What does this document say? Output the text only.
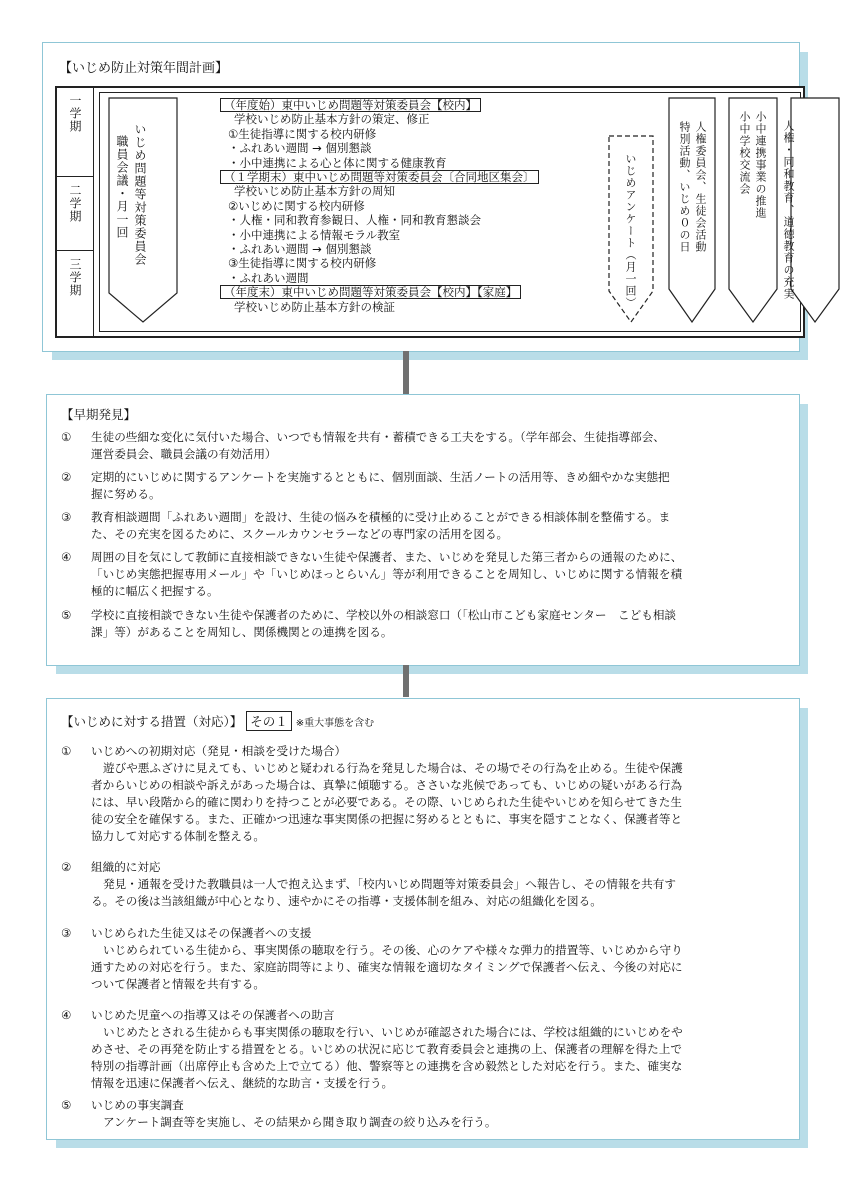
【いじめ防止対策年間計画】
一学期
二学期
三学期
いじめ問題等対策委員会
職員会議・月一回
（年度始）東中いじめ問題等対策委員会【校内】
学校いじめ防止基本方針の策定、修正
①生徒指導に関する校内研修
・ふれあい週間 → 個別懇談
・小中連携による心と体に関する健康教育
（１学期末）東中いじめ問題等対策委員会〔合同地区集会〕
学校いじめ防止基本方針の周知
②いじめに関する校内研修
・人権・同和教育参観日、人権・同和教育懇談会
・小中連携による情報モラル教室
・ふれあい週間 → 個別懇談
③生徒指導に関する校内研修
・ふれあい週間
（年度末）東中いじめ問題等対策委員会【校内】【家庭】
学校いじめ防止基本方針の検証	いじめアンケート（月一回）	人権委員会、生徒会活動
特別活動、いじめ０の日	小中連携事業の推進
小中学校交流会	人権・同和教育、道徳教育の充実
【早期発見】
① 生徒の些細な変化に気付いた場合、いつでも情報を共有・蓄積できる工夫をする。（学年部会、生徒指導部会、
運営委員会、職員会議の有効活用）
② 定期的にいじめに関するアンケートを実施するとともに、個別面談、生活ノートの活用等、きめ細やかな実態把
握に努める。
③ 教育相談週間「ふれあい週間」を設け、生徒の悩みを積極的に受け止めることができる相談体制を整備する。ま
た、その充実を図るために、スクールカウンセラーなどの専門家の活用を図る。
④ 周囲の目を気にして教師に直接相談できない生徒や保護者、また、いじめを発見した第三者からの通報のために、
「いじめ実態把握専用メール」や「いじめほっとらいん」等が利用できることを周知し、いじめに関する情報を積
極的に幅広く把握する。
⑤ 学校に直接相談できない生徒や保護者のために、学校以外の相談窓口（「松山市こども家庭センター　こども相談
課」等）があることを周知し、関係機関との連携を図る。
【いじめに対する措置（対応）】 その１ ※重大事態を含む
① いじめへの初期対応（発見・相談を受けた場合）
遊びや悪ふざけに見えても、いじめと疑われる行為を発見した場合は、その場でその行為を止める。生徒や保護
者からいじめの相談や訴えがあった場合は、真摯に傾聴する。ささいな兆候であっても、いじめの疑いがある行為
には、早い段階から的確に関わりを持つことが必要である。その際、いじめられた生徒やいじめを知らせてきた生
徒の安全を確保する。また、正確かつ迅速な事実関係の把握に努めるとともに、事実を隠すことなく、保護者等と
協力して対応する体制を整える。
② 組織的に対応
発見・通報を受けた教職員は一人で抱え込まず、「校内いじめ問題等対策委員会」へ報告し、その情報を共有す
る。その後は当該組織が中心となり、速やかにその指導・支援体制を組み、対応の組織化を図る。
③ いじめられた生徒又はその保護者への支援
いじめられている生徒から、事実関係の聴取を行う。その後、心のケアや様々な弾力的措置等、いじめから守り
通すための対応を行う。また、家庭訪問等により、確実な情報を適切なタイミングで保護者へ伝え、今後の対応に
ついて保護者と情報を共有する。
④ いじめた児童への指導又はその保護者への助言
いじめたとされる生徒からも事実関係の聴取を行い、いじめが確認された場合には、学校は組織的にいじめをや
めさせ、その再発を防止する措置をとる。いじめの状況に応じて教育委員会と連携の上、保護者の理解を得た上で
特別の指導計画（出席停止も含めた上で立てる）他、警察等との連携を含め毅然とした対応を行う。また、確実な
情報を迅速に保護者へ伝え、継続的な助言・支援を行う。
⑤ いじめの事実調査
アンケート調査等を実施し、その結果から聞き取り調査の絞り込みを行う。
